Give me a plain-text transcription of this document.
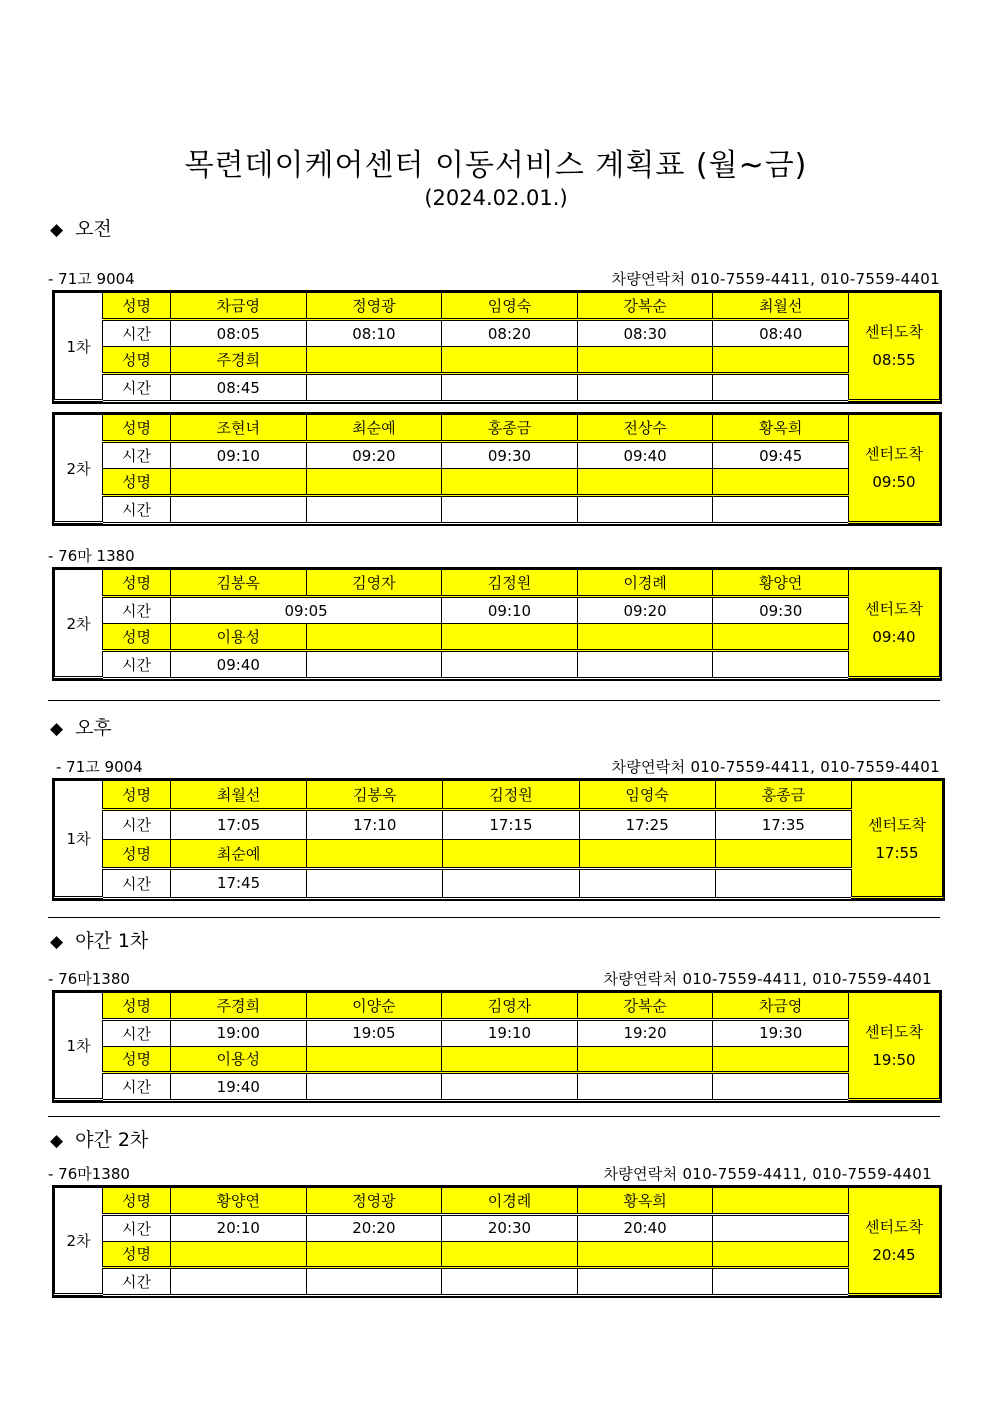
목련데이케어센터 이동서비스 계획표 (월~금)
(2024.02.01.)
◆ 오전
- 71고 9004	차량연락처 010-7559-4411, 010-7559-4401
1차	성명	차금영	정영광	임영숙	강복순	최월선	센터도착
08:55

	시간	08:05	08:10	08:20	08:30	08:40	
	성명	주경희					
	시간	08:45					
2차	성명	조현녀	최순예	홍종금	전상수	황옥희	센터도착
09:50

	시간	09:10	09:20	09:30	09:40	09:45	
	성명						
	시간						
- 76마 1380
2차	성명	김봉옥	김영자	김정원	이경례	황양연	센터도착
09:40

	시간	09:05		09:10	09:20	09:30	
	성명	이용성					
	시간	09:40					
◆ 오후
- 71고 9004	차량연락처 010-7559-4411, 010-7559-4401
1차	성명	최월선	김봉옥	김정원	임영숙	홍종금	센터도착
17:55

	시간	17:05	17:10	17:15	17:25	17:35	
	성명	최순예					
	시간	17:45					
◆ 야간 1차
- 76마1380	차량연락처 010-7559-4411, 010-7559-4401
1차	성명	주경희	이양순	김영자	강복순	차금영	센터도착
19:50

	시간	19:00	19:05	19:10	19:20	19:30	
	성명	이용성					
	시간	19:40					
◆ 야간 2차
- 76마1380	차량연락처 010-7559-4411, 010-7559-4401
2차	성명	황양연	정영광	이경례	황옥희		센터도착
20:45

	시간	20:10	20:20	20:30	20:40		
	성명						
	시간						
